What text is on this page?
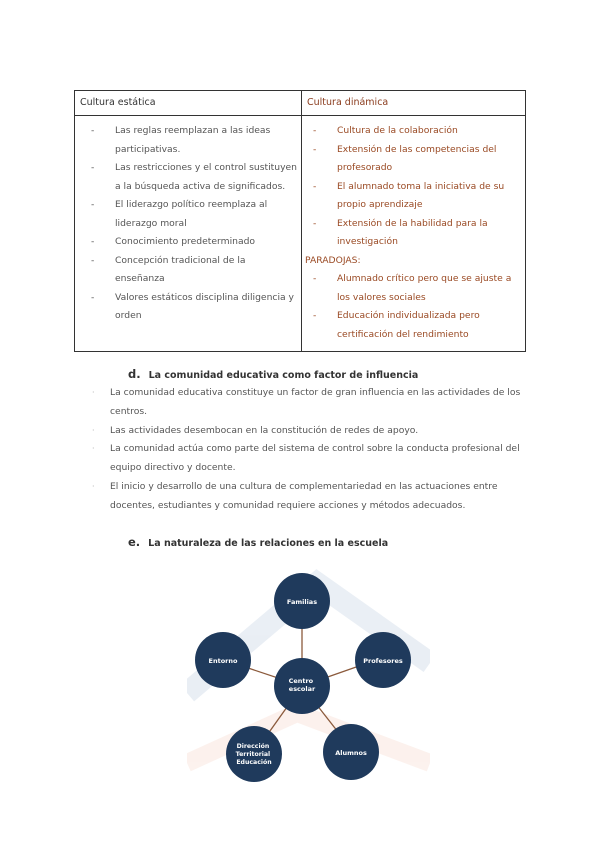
Cultura estática	Cultura dinámica
- Las reglas reemplazan a las ideas participativas.
- Las restricciones y el control sustituyen a la búsqueda activa de significados.
- El liderazgo político reemplaza al liderazgo moral
- Conocimiento predeterminado
- Concepción tradicional de la enseñanza
- Valores estáticos disciplina diligencia y orden
- Cultura de la colaboración
- Extensión de las competencias del profesorado
- El alumnado toma la iniciativa de su propio aprendizaje
- Extensión de la habilidad para la investigación
PARADOJAS:
- Alumnado crítico pero que se ajuste a los valores sociales
- Educación individualizada pero certificación del rendimiento
d. La comunidad educativa como factor de influencia
· La comunidad educativa constituye un factor de gran influencia en las actividades de los centros.
· Las actividades desembocan en la constitución de redes de apoyo.
· La comunidad actúa como parte del sistema de control sobre la conducta profesional del equipo directivo y docente.
· El inicio y desarrollo de una cultura de complementariedad en las actuaciones entre docentes, estudiantes y comunidad requiere acciones y métodos adecuados.
e. La naturaleza de las relaciones en la escuela
Familias
Profesores
Alumnos
Dirección Territorial Educación
Entorno
Centro escolar
